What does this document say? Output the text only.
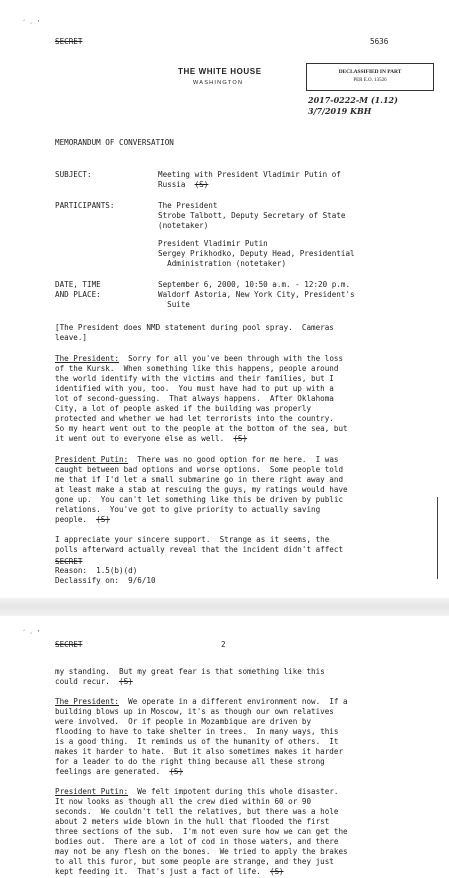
´ · ’
SECRET	5636
THE WHITE HOUSE
WASHINGTON
DECLASSIFIED IN PART
PER E.O. 13526
2017-0222-M (1.12)
3/7/2019 KBH
MEMORANDUM OF CONVERSATION
SUBJECT:	Meeting with President Vladimir Putin of
Russia (S)
PARTICIPANTS:	The President
Strobe Talbott, Deputy Secretary of State
(notetaker)
President Vladimir Putin
Sergey Prikhodko, Deputy Head, Presidential
Administration (notetaker)
DATE, TIME
AND PLACE:
September 6, 2000, 10:50 a.m. - 12:20 p.m.
Waldorf Astoria, New York City, President's
Suite
[The President does NMD statement during pool spray.  Cameras
leave.]
The President:  Sorry for all you've been through with the loss
of the Kursk.  When something like this happens, people around
the world identify with the victims and their families, but I
identified with you, too.  You must have had to put up with a
lot of second-guessing.  That always happens.  After Oklahoma
City, a lot of people asked if the building was properly
protected and whether we had let terrorists into the country.
So my heart went out to the people at the bottom of the sea, but
it went out to everyone else as well. (S)
President Putin:  There was no good option for me here.  I was
caught between bad options and worse options.  Some people told
me that if I'd let a small submarine go in there right away and
at least make a stab at rescuing the guys, my ratings would have
gone up.  You can't let something like this be driven by public
relations.  You've got to give priority to actually saving
people. (S)
I appreciate your sincere support.  Strange as it seems, the
polls afterward actually reveal that the incident didn't affect
SECRET
Reason:  1.5(b)(d)
Declassify on:  9/6/10
´ · ’
SECRET	2
my standing.  But my great fear is that something like this
could recur. (S)
The President:  We operate in a different environment now.  If a
building blows up in Moscow, it's as though our own relatives
were involved.  Or if people in Mozambique are driven by
flooding to have to take shelter in trees.  In many ways, this
is a good thing.  It reminds us of the humanity of others.  It
makes it harder to hate.  But it also sometimes makes it harder
for a leader to do the right thing because all these strong
feelings are generated. (S)
President Putin:  We felt impotent during this whole disaster.
It now looks as though all the crew died within 60 or 90
seconds.  We couldn't tell the relatives, but there was a hole
about 2 meters wide blown in the hull that flooded the first
three sections of the sub.  I'm not even sure how we can get the
bodies out.  There are a lot of cod in those waters, and there
may not be any flesh on the bones.  We tried to apply the brakes
to all this furor, but some people are strange, and they just
kept feeding it.  That's just a fact of life. (S)
